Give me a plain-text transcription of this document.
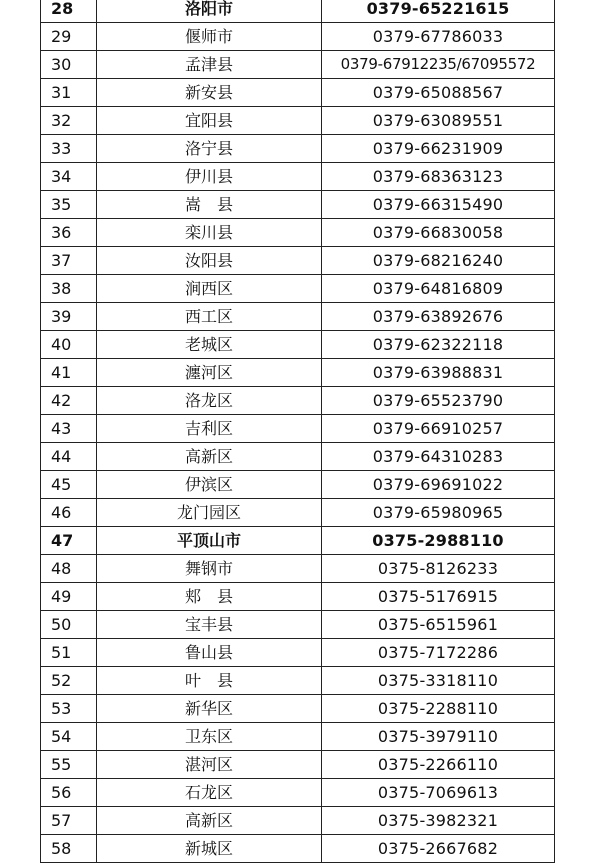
28	洛阳市	0379-65221615
29	偃师市	0379-67786033
30	孟津县	0379-67912235/67095572
31	新安县	0379-65088567
32	宜阳县	0379-63089551
33	洛宁县	0379-66231909
34	伊川县	0379-68363123
35	嵩　县	0379-66315490
36	栾川县	0379-66830058
37	汝阳县	0379-68216240
38	涧西区	0379-64816809
39	西工区	0379-63892676
40	老城区	0379-62322118
41	瀍河区	0379-63988831
42	洛龙区	0379-65523790
43	吉利区	0379-66910257
44	高新区	0379-64310283
45	伊滨区	0379-69691022
46	龙门园区	0379-65980965
47	平顶山市	0375-2988110
48	舞钢市	0375-8126233
49	郏　县	0375-5176915
50	宝丰县	0375-6515961
51	鲁山县	0375-7172286
52	叶　县	0375-3318110
53	新华区	0375-2288110
54	卫东区	0375-3979110
55	湛河区	0375-2266110
56	石龙区	0375-7069613
57	高新区	0375-3982321
58	新城区	0375-2667682
